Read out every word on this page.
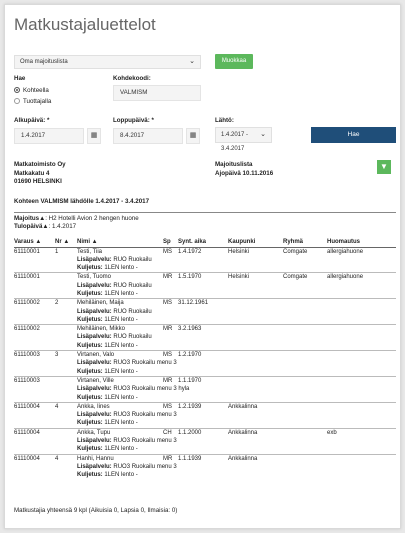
Matkustajaluettelot
Oma majoituslista	⌄	Muokkaa
Hae
Kohteella
Tuottajalla
Kohdekoodi:
VALMISM
Alkupäivä: *
1.4.2017	▦
Loppupäivä: *
8.4.2017	▦
Lähtö:
1.4.2017 - 3.4.2017
⌄	Hae
Matkatoimisto Oy
Matkakatu 4
01690 HELSINKI
Majoituslista
Ajopäivä 10.11.2016
▼
Kohteen VALMISM lähdölle 1.4.2017 - 3.4.2017
Majoitus▲: H2 Hotelli Avion 2 hengen huone
Tulopäivä▲: 1.4.2017
Varaus ▲	Nr ▲	Nimi ▲	Sp	Synt. aika	Kaupunki	Ryhmä	Huomautus
61110001	1	Testi, Tiia	MS	1.4.1972	Helsinki	Comgate	allergiahuone
		Lisäpalvelu: RUO Ruokailu					
		Kuljetus: 1LEN lento -					
61110001		Testi, Tuomo	MR	1.5.1970	Helsinki	Comgate	allergiahuone
		Lisäpalvelu: RUO Ruokailu					
		Kuljetus: 1LEN lento -					
61110002	2	Mehiläinen, Maija	MS	31.12.1961			
		Lisäpalvelu: RUO Ruokailu					
		Kuljetus: 1LEN lento -					
61110002		Mehiläinen, Mikko	MR	3.2.1963			
		Lisäpalvelu: RUO Ruokailu					
		Kuljetus: 1LEN lento -					
61110003	3	Virtanen, Valo	MS	1.2.1970			
		Lisäpalvelu: RUO3 Ruokailu menu 3					
		Kuljetus: 1LEN lento -					
61110003		Virtanen, Ville	MR	1.1.1970			
		Lisäpalvelu: RUO3 Ruokailu menu 3 hyla					
		Kuljetus: 1LEN lento -					
61110004	4	Ankka, Iines	MS	1.2.1939	Ankkalinna		
		Lisäpalvelu: RUO3 Ruokailu menu 3					
		Kuljetus: 1LEN lento -					
61110004		Ankka, Tupu	CH	1.1.2000	Ankkalinna		exb
		Lisäpalvelu: RUO3 Ruokailu menu 3					
		Kuljetus: 1LEN lento -					
61110004	4	Hanhi, Hannu	MR	1.1.1939	Ankkalinna		
		Lisäpalvelu: RUO3 Ruokailu menu 3					
		Kuljetus: 1LEN lento -					
Matkustajia yhteensä 9 kpl (Aikuisia 0, Lapsia 0, Ilmaisia: 0)
